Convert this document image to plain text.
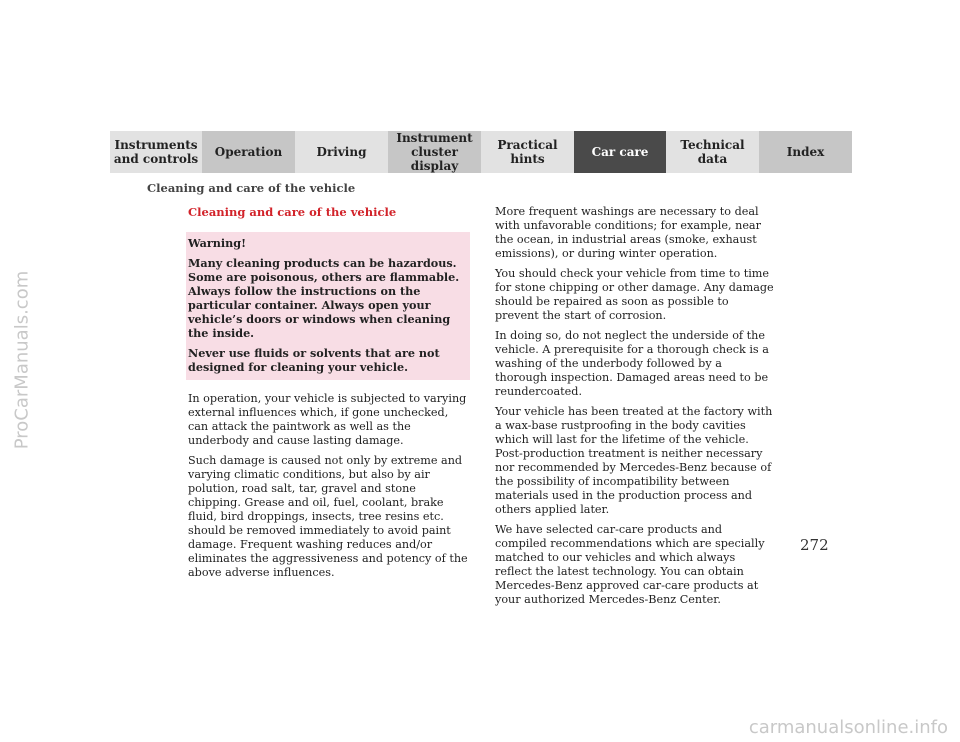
ProCarManuals.com
Instruments
and controls	Operation	Driving
Instrument
cluster display
Practical hints	Car care	Technical
data	Index
Cleaning and care of the vehicle
Cleaning and care of the vehicle

Warning!

Many cleaning products can be hazardous. Some are poisonous, others are flammable. Always follow the instructions on the particular container. Always open your vehicle’s doors or windows when cleaning the inside.

Never use fluids or solvents that are not designed for cleaning your vehicle.

In operation, your vehicle is subjected to varying external influences which, if gone unchecked, can attack the paintwork as well as the underbody and cause lasting damage.

Such damage is caused not only by extreme and varying climatic conditions, but also by air polution, road salt, tar, gravel and stone chipping. Grease and oil, fuel, coolant, brake fluid, bird droppings, insects, tree resins etc. should be removed immediately to avoid paint damage. Frequent washing reduces and/or eliminates the aggressiveness and potency of the above adverse influences.

More frequent washings are necessary to deal with unfavorable conditions; for example, near the ocean, in industrial areas (smoke, exhaust emissions), or during winter operation.

You should check your vehicle from time to time for stone chipping or other damage. Any damage should be repaired as soon as possible to prevent the start of corrosion.

In doing so, do not neglect the underside of the vehicle. A prerequisite for a thorough check is a washing of the underbody followed by a thorough inspection. Damaged areas need to be reundercoated.

Your vehicle has been treated at the factory with a wax-base rustproofing in the body cavities which will last for the lifetime of the vehicle. Post-production treatment is neither necessary nor recommended by Mercedes-Benz because of the possibility of incompatibility between materials used in the production process and others applied later.

We have selected car-care products and compiled recommendations which are specially matched to our vehicles and which always reflect the latest technology. You can obtain Mercedes-Benz approved car-care products at your authorized Mercedes-Benz Center.

272
carmanualsonline.info
